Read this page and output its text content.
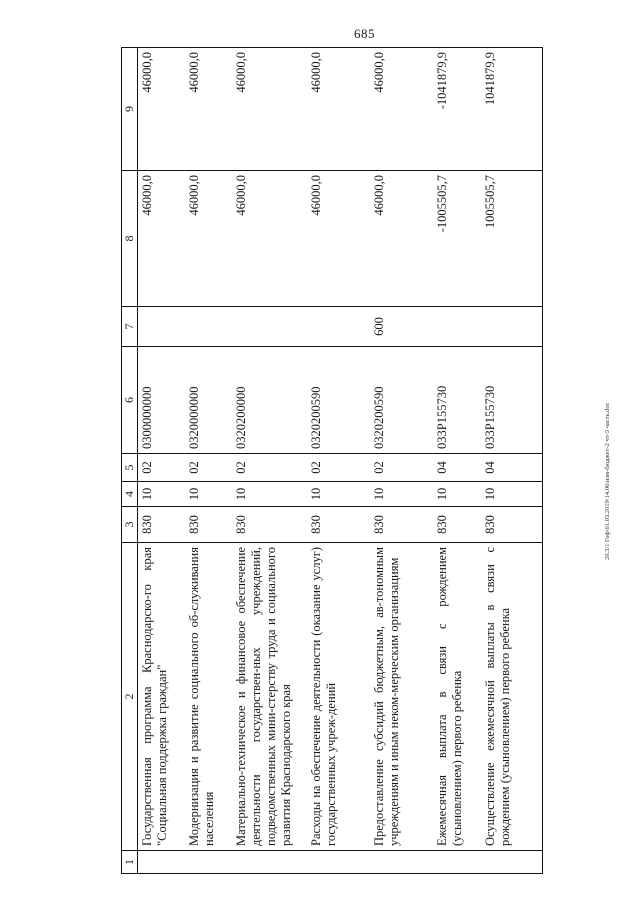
685
20.3/1 Гоф\01.03.2019\14.06\изм-бюджет-2 чт-5 часть.doc
1	2	3	4	5	6	7	8	9
	Государственная программа Краснодарско-го края "Социальная поддержка граждан"	830	10	02	0300000000		46000,0	46000,0
	Модернизация и развитие социального об-служивания населения	830	10	02	0320000000		46000,0	46000,0
	Материально-техническое и финансовое обеспечение деятельности государствен-ных учреждений, подведомственных мини-стерству труда и социального развития Краснодарского края	830	10	02	0320200000		46000,0	46000,0
	Расходы на обеспечение деятельности (оказание услуг) государственных учреж-дений	830	10	02	0320200590		46000,0	46000,0
	Предоставление субсидий бюджетным, ав-тономным учреждениям и иным неком-мерческим организациям	830	10	02	0320200590	600	46000,0	46000,0
	Ежемесячная выплата в связи с рождением (усыновлением) первого ребенка	830	10	04	033P155730		-1005505,7	-1041879,9
	Осуществление ежемесячной выплаты в связи с рождением (усыновлением) первого ребенка	830	10	04	033P155730		1005505,7	1041879,9
